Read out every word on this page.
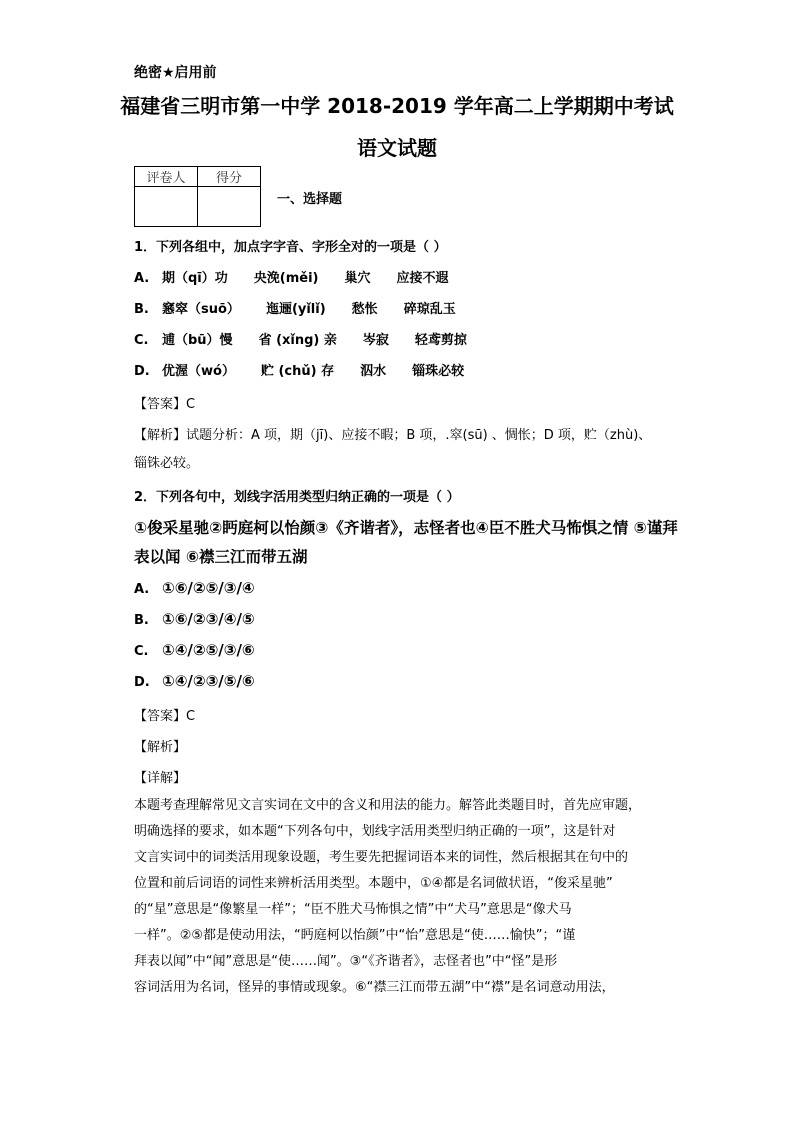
绝密★启用前
福建省三明市第一中学 2018-2019 学年高二上学期期中考试
语文试题
评卷人	得分

一、选择题
1．下列各组中，加点字字音、字形全对的一项是（ ）
A. 期（qī）功 央浼(měi) 巢穴 应接不遐
B. 窸窣（suō） 迤逦(yǐlǐ) 愁怅 碎琼乱玉
C. 逋（bū）慢 省 (xǐng) 亲 岑寂 轻鸢剪掠
D. 优渥（wó） 贮 (chǔ) 存 泅水 锱珠必较
【答案】C
【解析】试题分析：A 项，期（jī)、应接不暇；B 项，.窣(sū) 、惆怅；D 项，贮（zhù)、
锱铢必较。
2．下列各句中，划线字活用类型归纳正确的一项是（ ）
①俊采星驰②眄庭柯以怡颜③《齐谐者》，志怪者也④臣不胜犬马怖惧之情 ⑤谨拜
表以闻 ⑥襟三江而带五湖
A. ①⑥/②⑤/③/④
B. ①⑥/②③/④/⑤
C. ①④/②⑤/③/⑥
D. ①④/②③/⑤/⑥
【答案】C
【解析】
【详解】
本题考查理解常见文言实词在文中的含义和用法的能力。解答此类题目时，首先应审题，
明确选择的要求，如本题“下列各句中，划线字活用类型归纳正确的一项”，这是针对
文言实词中的词类活用现象设题，考生要先把握词语本来的词性，然后根据其在句中的
位置和前后词语的词性来辨析活用类型。本题中，①④都是名词做状语，“俊采星驰”
的“星”意思是“像繁星一样”；“臣不胜犬马怖惧之情”中“犬马”意思是“像犬马
一样”。②⑤都是使动用法，“眄庭柯以怡颜”中“怡”意思是“使……愉快”；“谨
拜表以闻”中“闻”意思是“使……闻”。③“《齐谐者》，志怪者也”中“怪”是形
容词活用为名词，怪异的事情或现象。⑥“襟三江而带五湖”中“襟”是名词意动用法，
